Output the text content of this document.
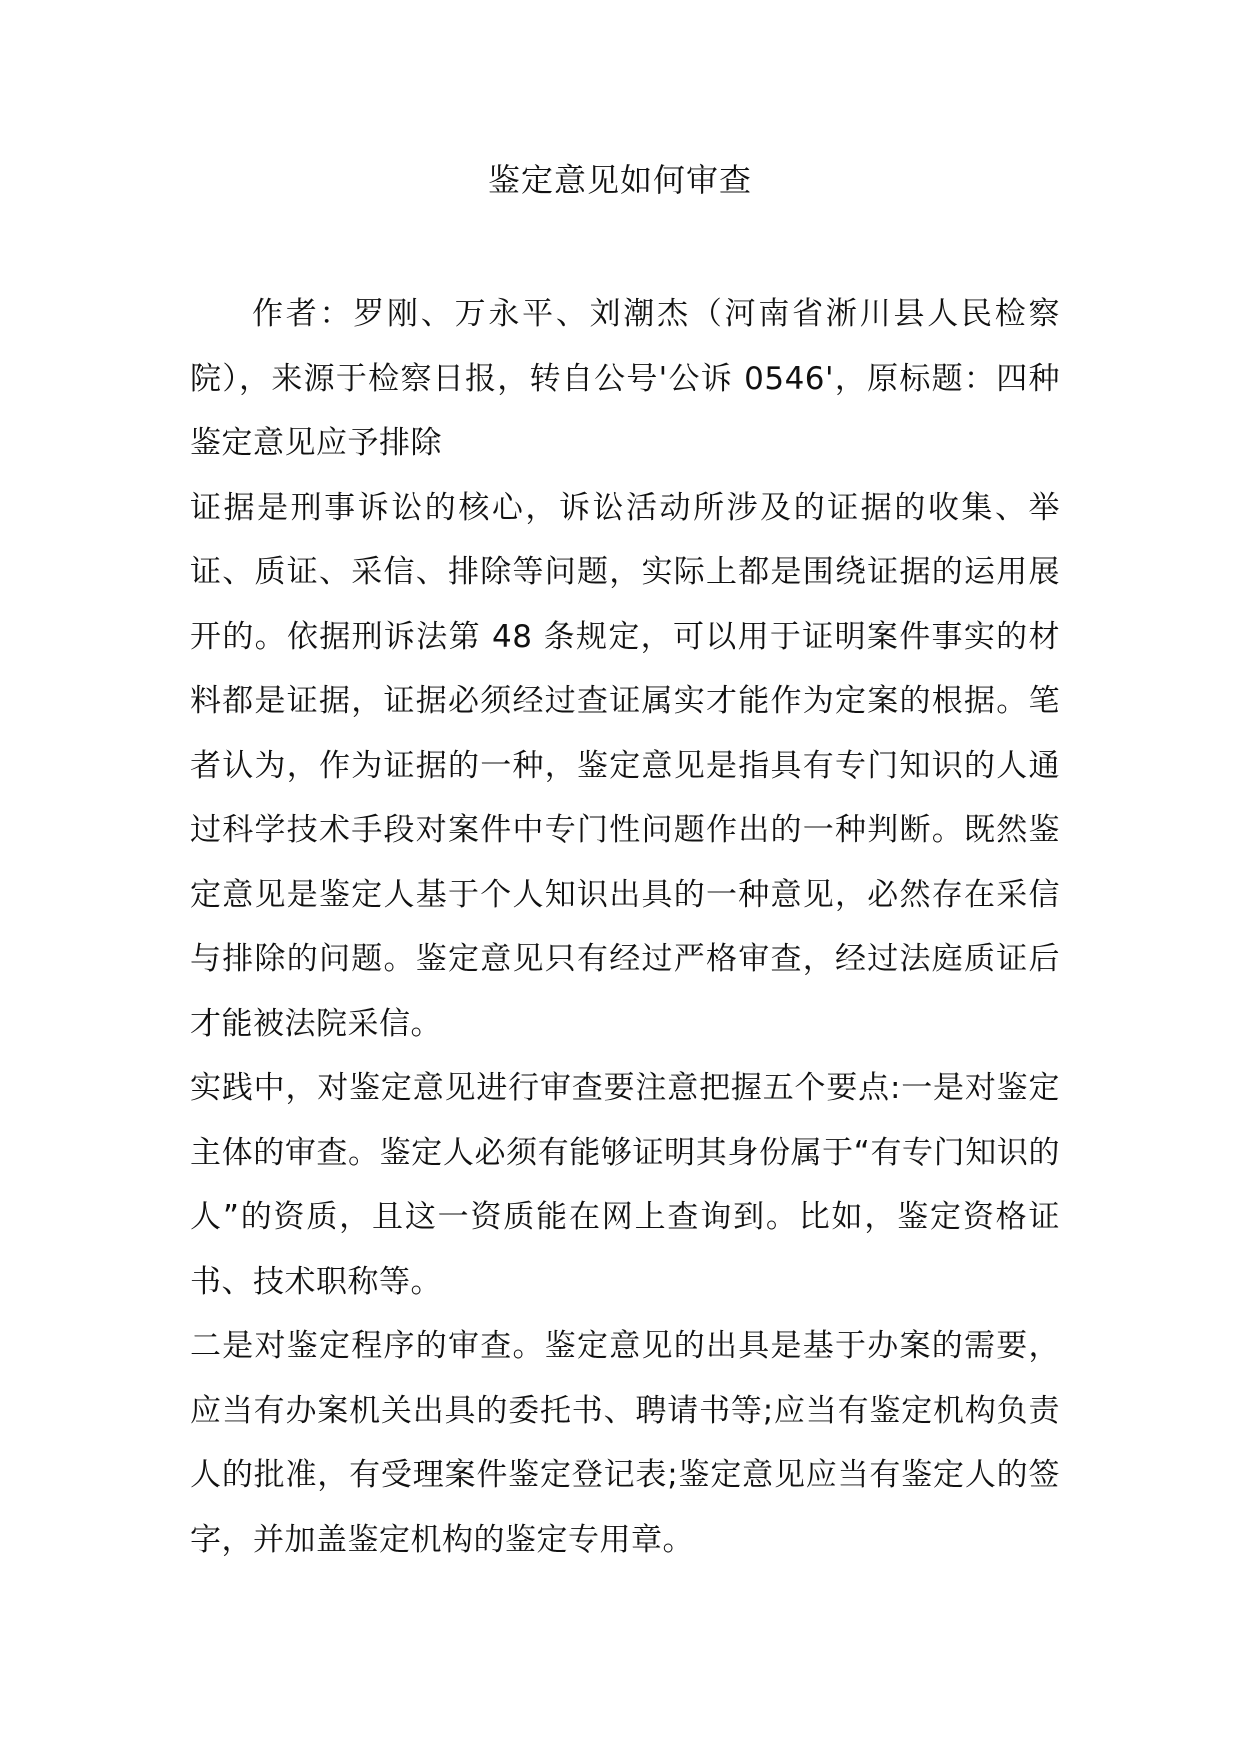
鉴定意见如何审查

作者：罗刚、万永平、刘潮杰（河南省淅川县人民检察院），来源于检察日报，转自公号'公诉 0546'，原标题：四种鉴定意见应予排除

证据是刑事诉讼的核心，诉讼活动所涉及的证据的收集、举证、质证、采信、排除等问题，实际上都是围绕证据的运用展开的。依据刑诉法第 48 条规定，可以用于证明案件事实的材料都是证据，证据必须经过查证属实才能作为定案的根据。笔者认为，作为证据的一种，鉴定意见是指具有专门知识的人通过科学技术手段对案件中专门性问题作出的一种判断。既然鉴定意见是鉴定人基于个人知识出具的一种意见，必然存在采信与排除的问题。鉴定意见只有经过严格审查，经过法庭质证后才能被法院采信。

实践中，对鉴定意见进行审查要注意把握五个要点:一是对鉴定主体的审查。鉴定人必须有能够证明其身份属于“有专门知识的人”的资质，且这一资质能在网上查询到。比如，鉴定资格证书、技术职称等。

二是对鉴定程序的审查。鉴定意见的出具是基于办案的需要，应当有办案机关出具的委托书、聘请书等;应当有鉴定机构负责人的批准，有受理案件鉴定登记表;鉴定意见应当有鉴定人的签字，并加盖鉴定机构的鉴定专用章。
